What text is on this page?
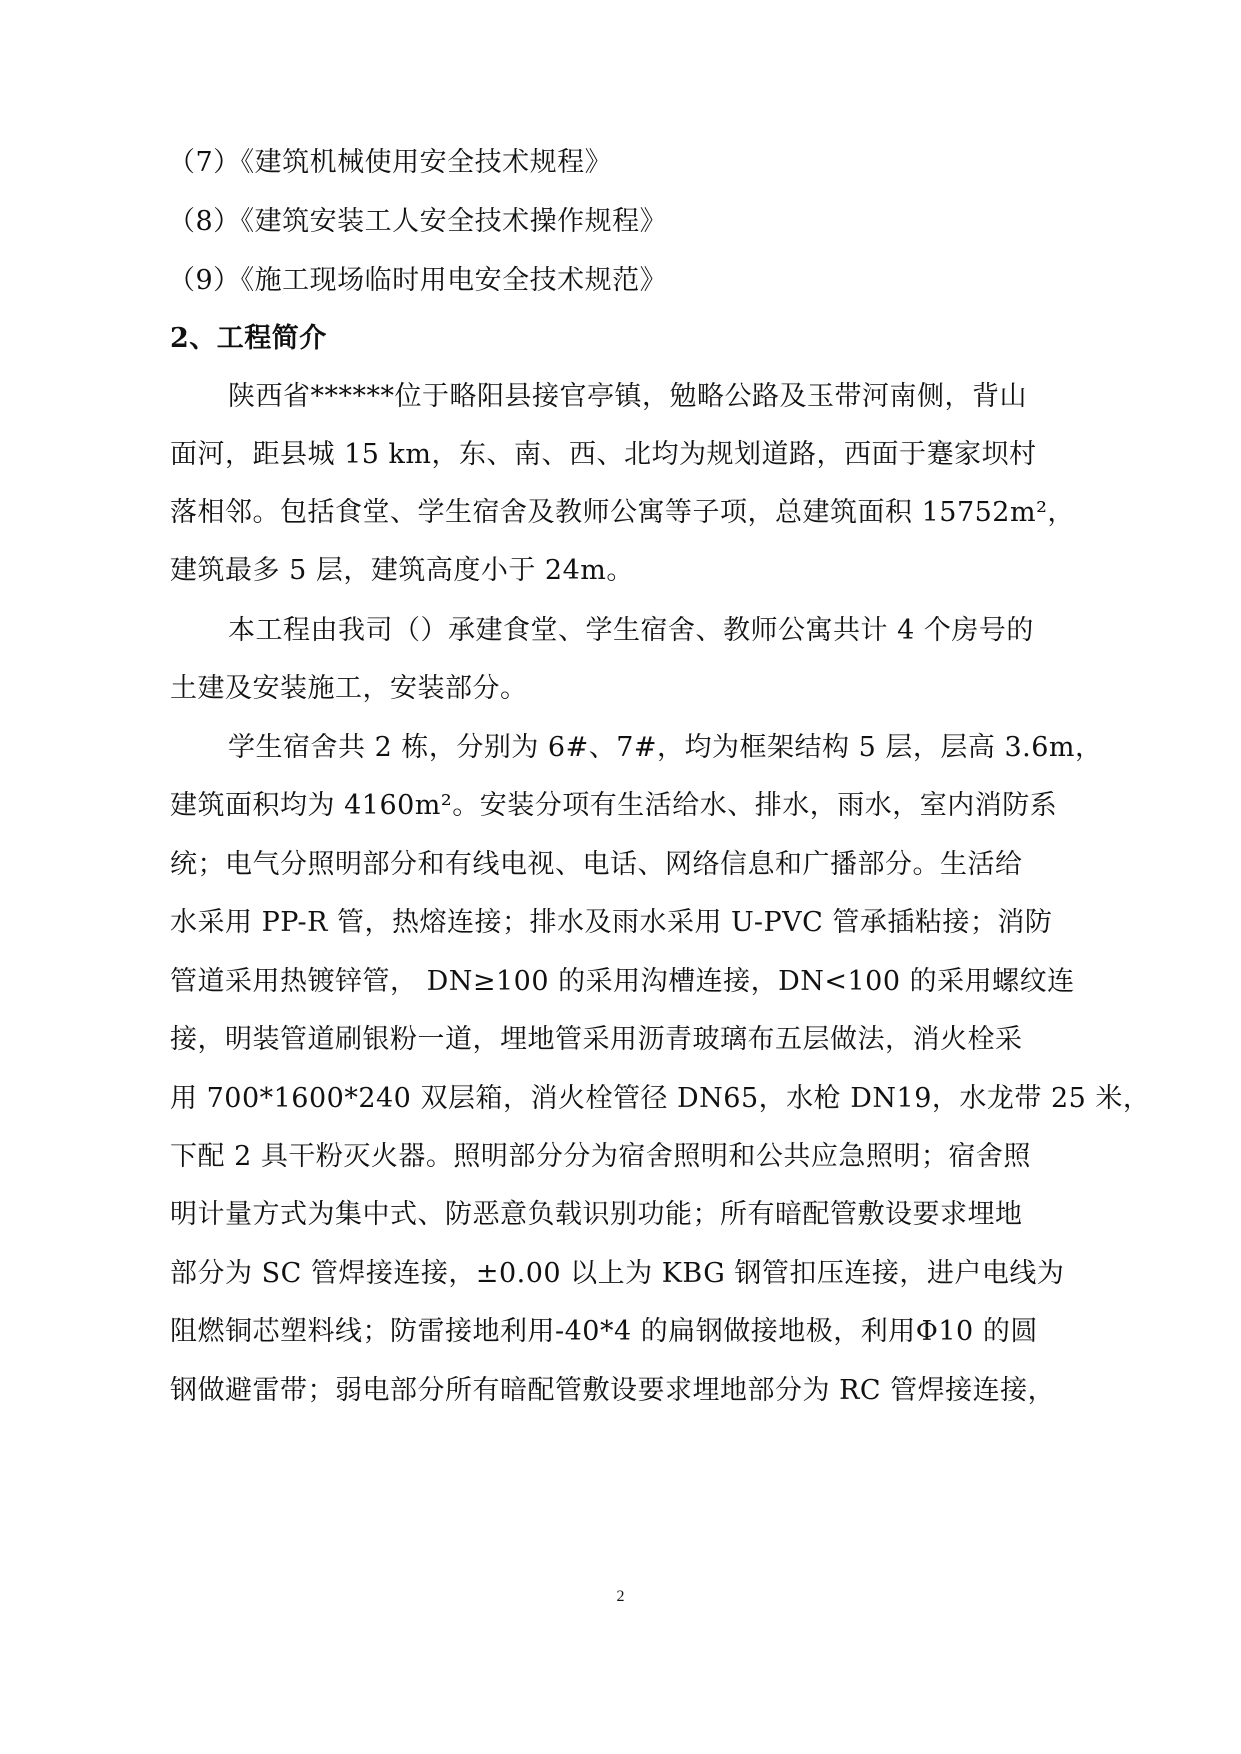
（7）《建筑机械使用安全技术规程》
（8）《建筑安装工人安全技术操作规程》
（9）《施工现场临时用电安全技术规范》
2、工程简介
陕西省******位于略阳县接官亭镇，勉略公路及玉带河南侧，背山
面河，距县城 15 km，东、南、西、北均为规划道路，西面于蹇家坝村
落相邻。包括食堂、学生宿舍及教师公寓等子项，总建筑面积 15752m²，
建筑最多 5 层，建筑高度小于 24m。
本工程由我司（）承建食堂、学生宿舍、教师公寓共计 4 个房号的
土建及安装施工，安装部分。
学生宿舍共 2 栋，分别为 6#、7#，均为框架结构 5 层，层高 3.6m，
建筑面积均为 4160m²。安装分项有生活给水、排水，雨水，室内消防系
统；电气分照明部分和有线电视、电话、网络信息和广播部分。生活给
水采用 PP-R 管，热熔连接；排水及雨水采用 U-PVC 管承插粘接；消防
管道采用热镀锌管， DN≥100 的采用沟槽连接，DN<100 的采用螺纹连
接，明装管道刷银粉一道，埋地管采用沥青玻璃布五层做法，消火栓采
用 700*1600*240 双层箱，消火栓管径 DN65，水枪 DN19，水龙带 25 米，
下配 2 具干粉灭火器。照明部分分为宿舍照明和公共应急照明；宿舍照
明计量方式为集中式、防恶意负载识别功能；所有暗配管敷设要求埋地
部分为 SC 管焊接连接，±0.00 以上为 KBG 钢管扣压连接，进户电线为
阻燃铜芯塑料线；防雷接地利用-40*4 的扁钢做接地极，利用Φ10 的圆
钢做避雷带；弱电部分所有暗配管敷设要求埋地部分为 RC 管焊接连接，
2
